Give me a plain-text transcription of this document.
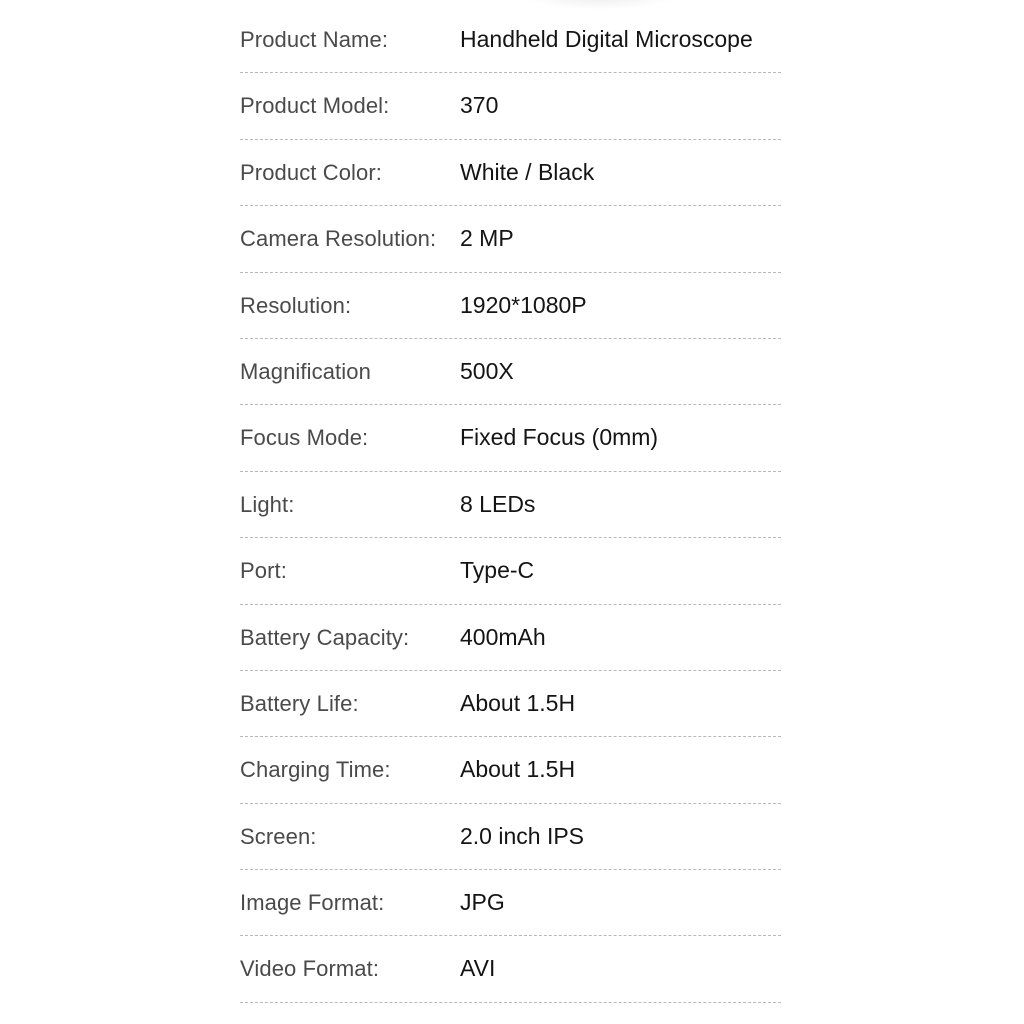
Product Name:	Handheld Digital Microscope
Product Model:	370
Product Color:	White / Black
Camera Resolution: 2 MP
Resolution:	1920*1080P
Magnification	500X
Focus Mode:	Fixed Focus (0mm)
Light:	8 LEDs
Port:	Type-C
Battery Capacity: 400mAh
Battery Life:	About 1.5H
Charging Time:	About 1.5H
Screen:	2.0 inch IPS
Image Format:	JPG
Video Format:	AVI
